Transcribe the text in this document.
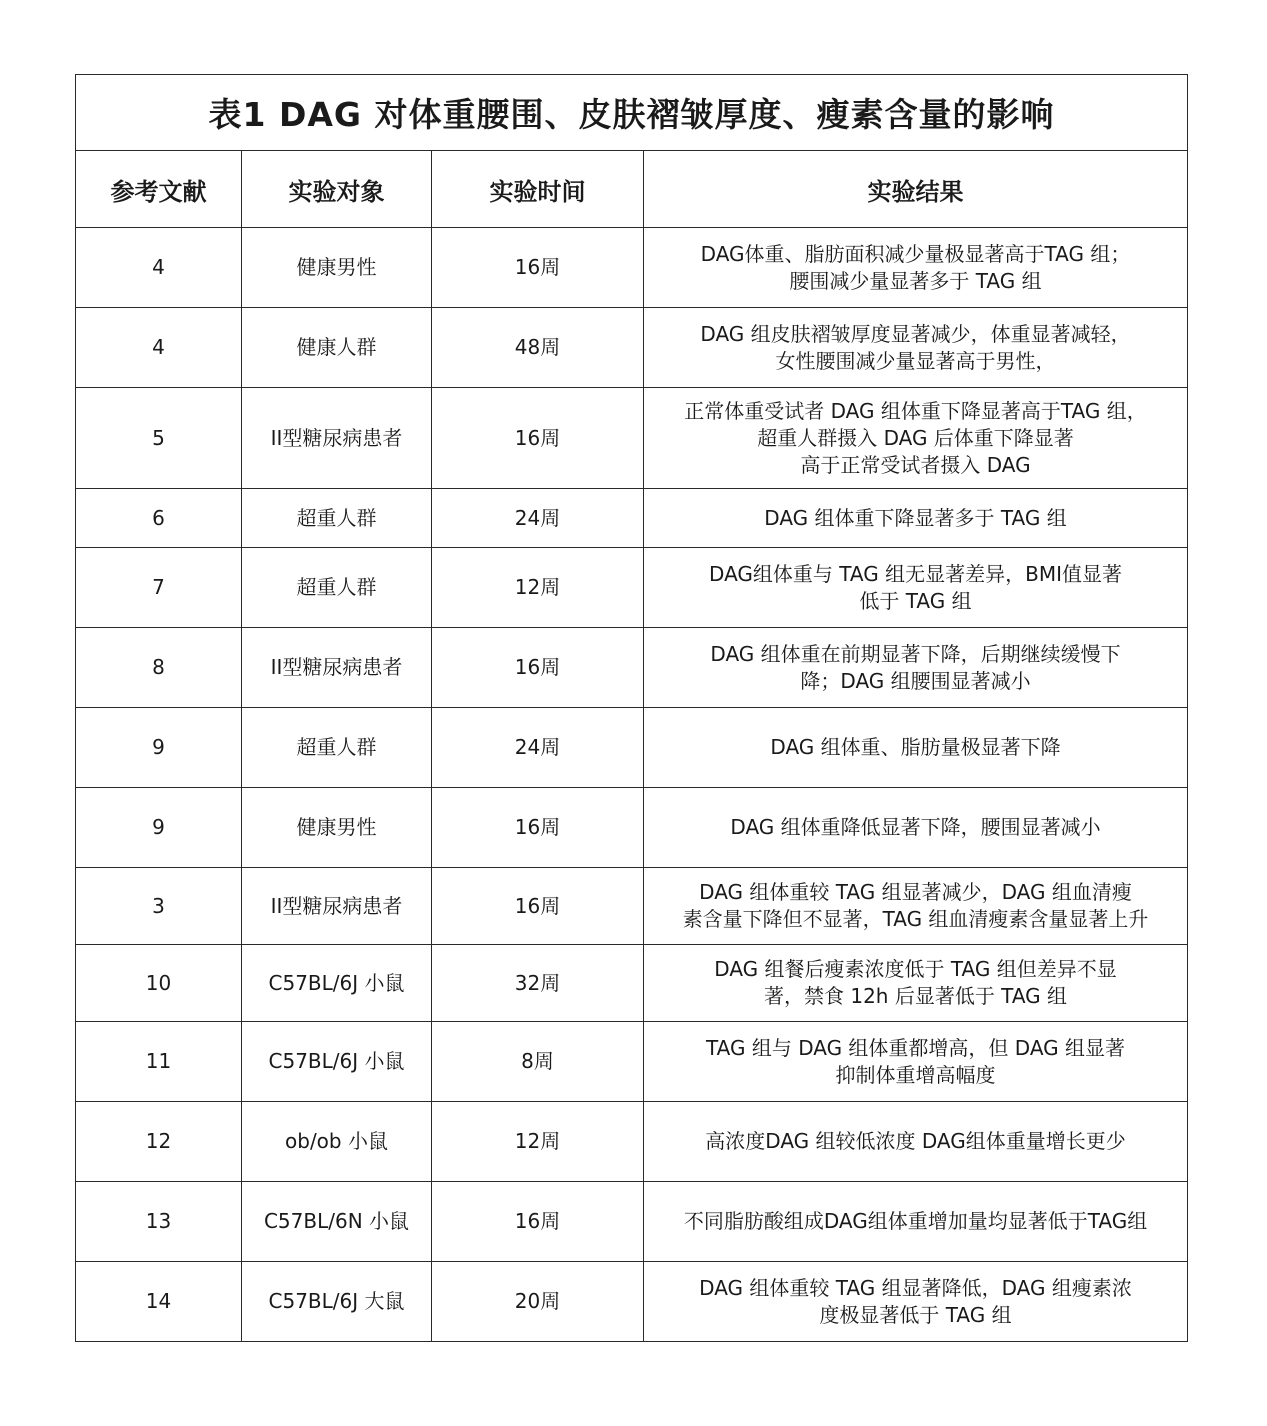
表1 DAG 对体重腰围、皮肤褶皱厚度、瘦素含量的影响			
参考文献	实验对象	实验时间	实验结果
4	健康男性	16周	DAG体重、脂肪面积减少量极显著高于TAG 组；
腰围减少量显著多于 TAG 组

4	健康人群	48周	DAG 组皮肤褶皱厚度显著减少，体重显著减轻，
女性腰围减少量显著高于男性，

5	II型糖尿病患者	16周	正常体重受试者 DAG 组体重下降显著高于TAG 组，
超重人群摄入 DAG 后体重下降显著
高于正常受试者摄入 DAG

6	超重人群	24周	DAG 组体重下降显著多于 TAG 组

7	超重人群	12周	DAG组体重与 TAG 组无显著差异，BMI值显著
低于 TAG 组

8	II型糖尿病患者	16周	DAG 组体重在前期显著下降，后期继续缓慢下
降；DAG 组腰围显著减小

9	超重人群	24周	DAG 组体重、脂肪量极显著下降

9	健康男性	16周	DAG 组体重降低显著下降，腰围显著减小

3	II型糖尿病患者	16周	DAG 组体重较 TAG 组显著减少，DAG 组血清瘦
素含量下降但不显著，TAG 组血清瘦素含量显著上升

10	C57BL/6J 小鼠	32周	DAG 组餐后瘦素浓度低于 TAG 组但差异不显
著，禁食 12h 后显著低于 TAG 组

11	C57BL/6J 小鼠	8周	TAG 组与 DAG 组体重都增高，但 DAG 组显著
抑制体重增高幅度

12	ob/ob 小鼠	12周	高浓度DAG 组较低浓度 DAG组体重量增长更少

13	C57BL/6N 小鼠	16周	不同脂肪酸组成DAG组体重增加量均显著低于TAG组

14	C57BL/6J 大鼠	20周	DAG 组体重较 TAG 组显著降低，DAG 组瘦素浓
度极显著低于 TAG 组
